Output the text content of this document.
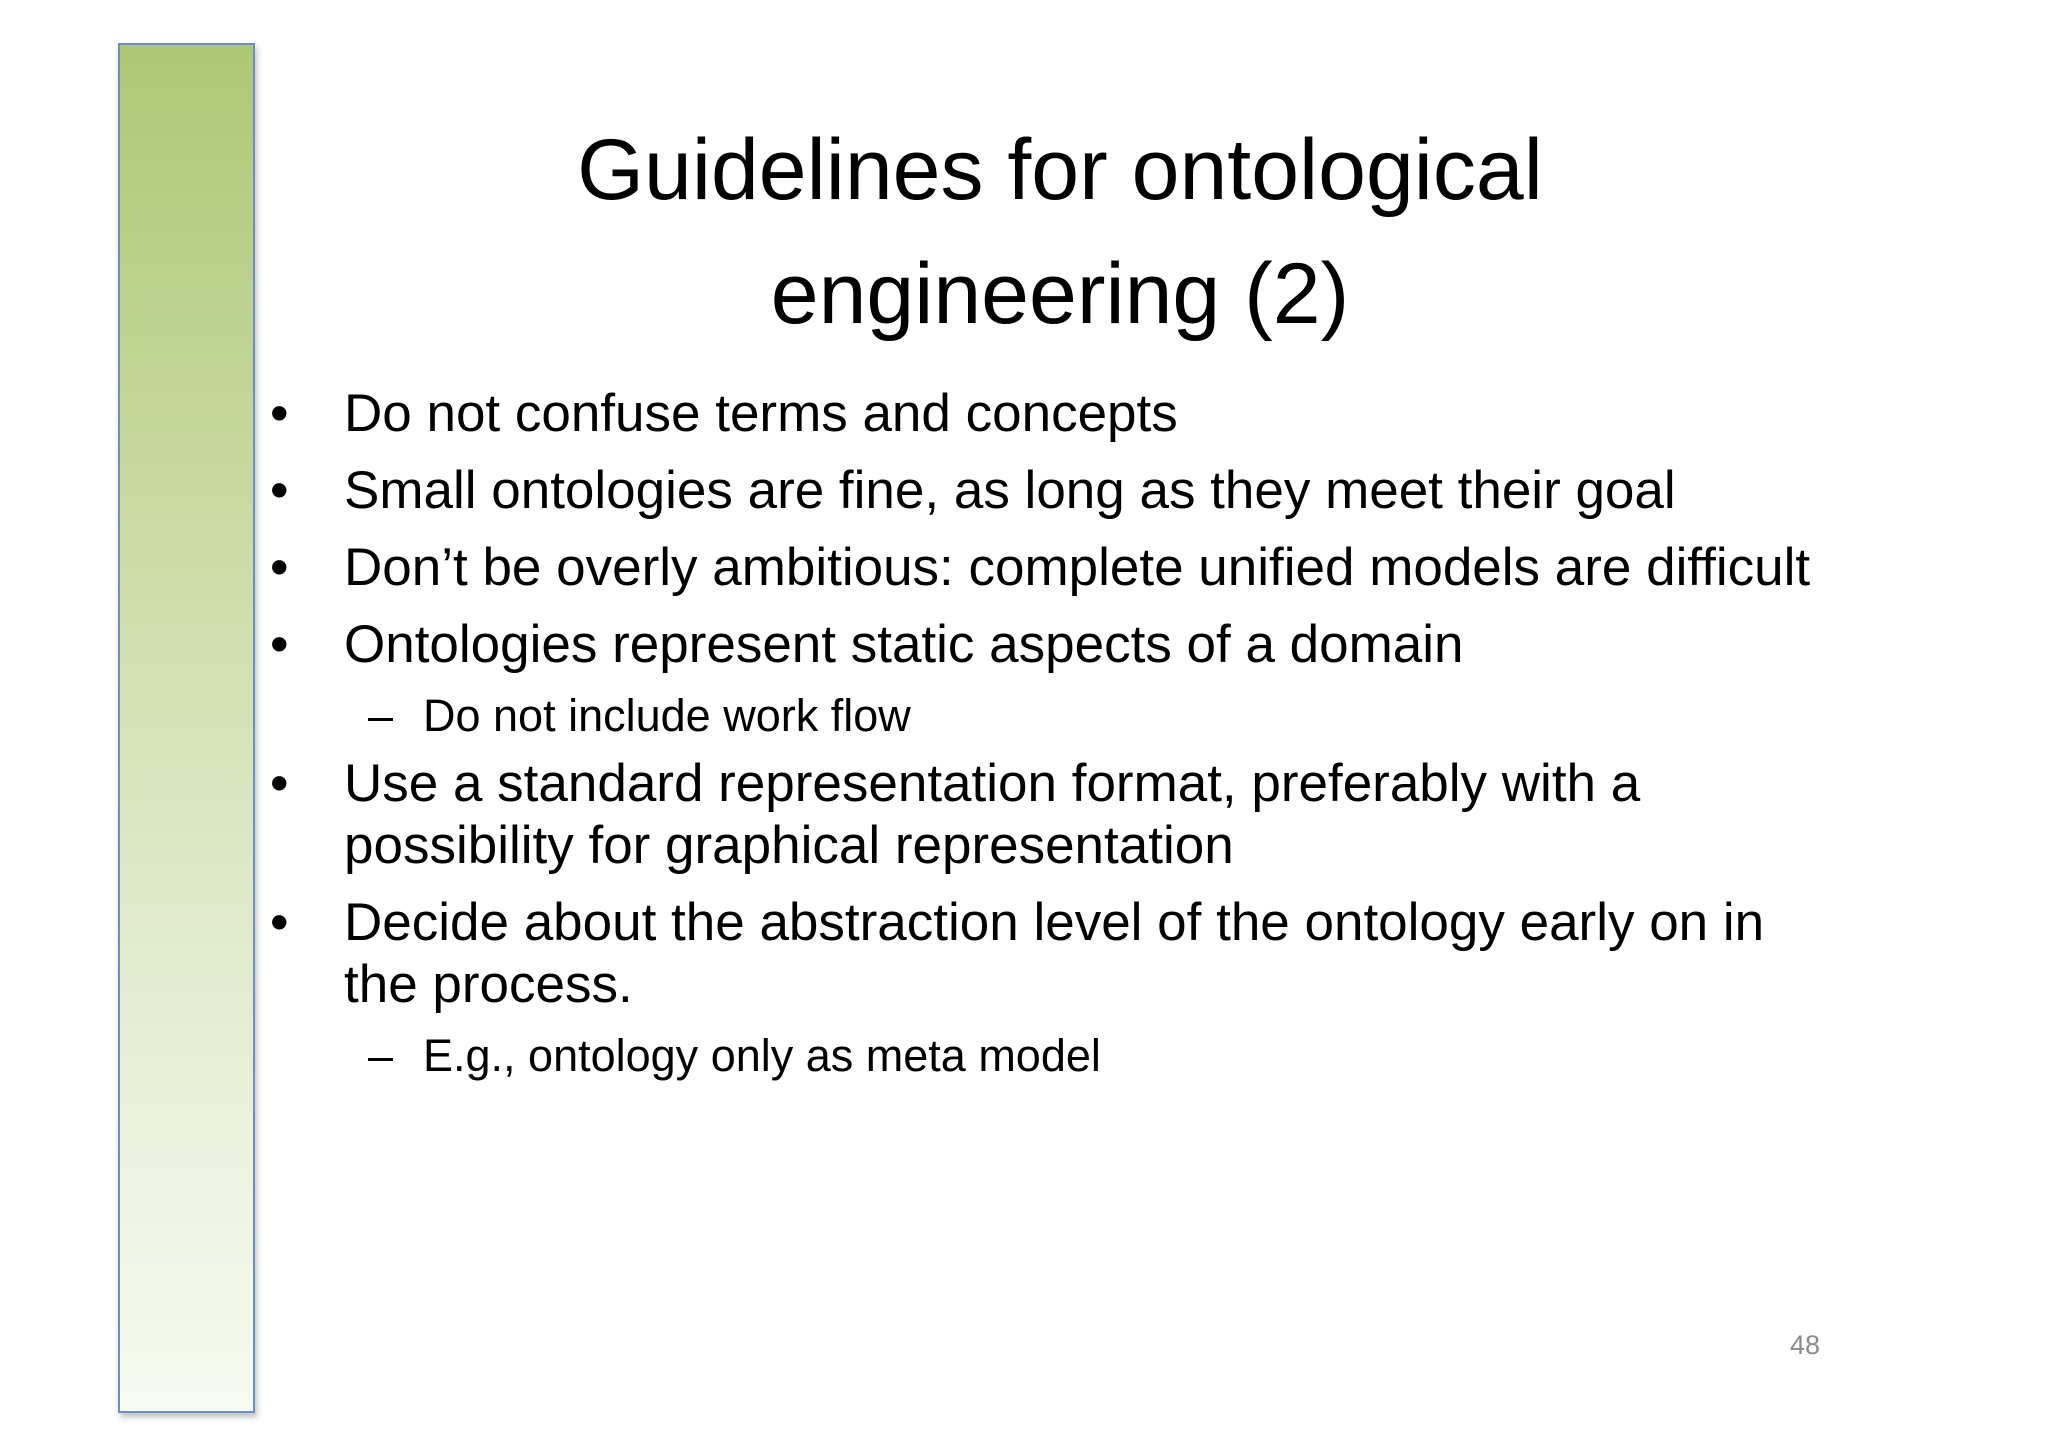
Guidelines for ontological
engineering (2)
• Do not confuse terms and concepts
• Small ontologies are fine, as long as they meet their goal
• Don’t be overly ambitious: complete unified models are difficult
• Ontologies represent static aspects of a domain
– Do not include work flow
• Use a standard representation format, preferably with a possibility for graphical representation
• Decide about the abstraction level of the ontology early on in the process.
– E.g., ontology only as meta model
48
